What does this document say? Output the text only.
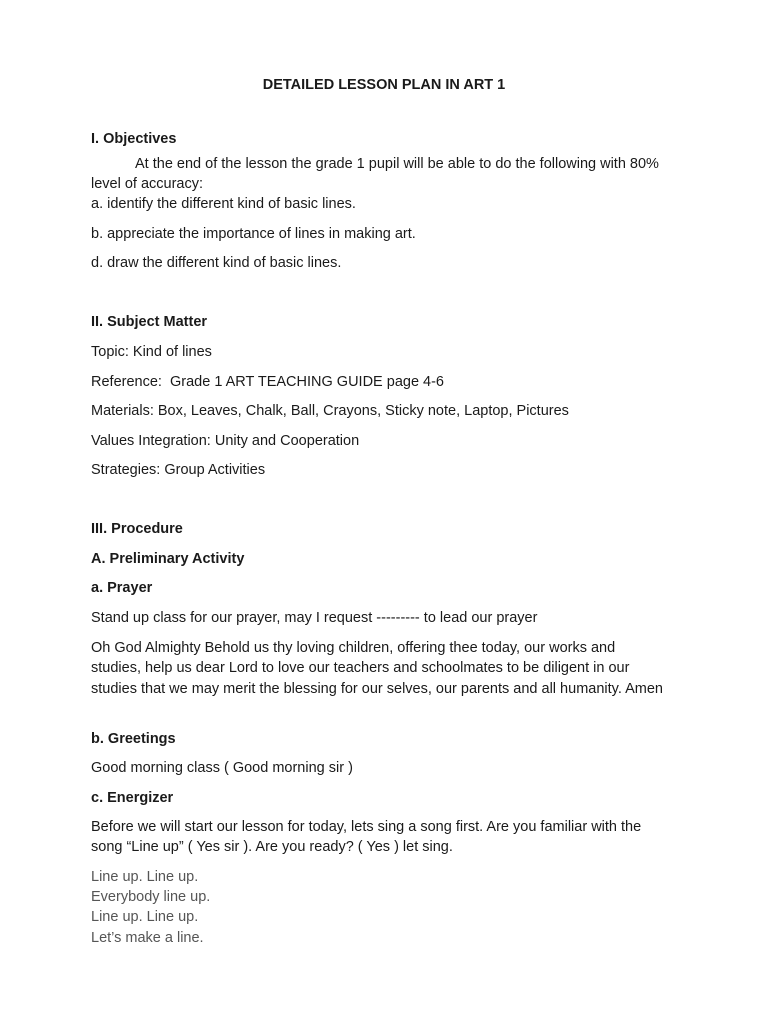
DETAILED LESSON PLAN IN ART 1
I. Objectives
At the end of the lesson the grade 1 pupil will be able to do the following with 80% level of accuracy:
a. identify the different kind of basic lines.
b. appreciate the importance of lines in making art.
d. draw the different kind of basic lines.
II. Subject Matter
Topic: Kind of lines
Reference:  Grade 1 ART TEACHING GUIDE page 4-6
Materials: Box, Leaves, Chalk, Ball, Crayons, Sticky note, Laptop, Pictures
Values Integration: Unity and Cooperation
Strategies: Group Activities
III. Procedure
A. Preliminary Activity
a. Prayer
Stand up class for our prayer, may I request --------- to lead our prayer
Oh God Almighty Behold us thy loving children, offering thee today, our works and studies, help us dear Lord to love our teachers and schoolmates to be diligent in our studies that we may merit the blessing for our selves, our parents and all humanity. Amen
b. Greetings
Good morning class ( Good morning sir )
c. Energizer
Before we will start our lesson for today, lets sing a song first. Are you familiar with the song “Line up” ( Yes sir ). Are you ready? ( Yes ) let sing.
Line up. Line up.
Everybody line up.
Line up. Line up.
Let’s make a line.
